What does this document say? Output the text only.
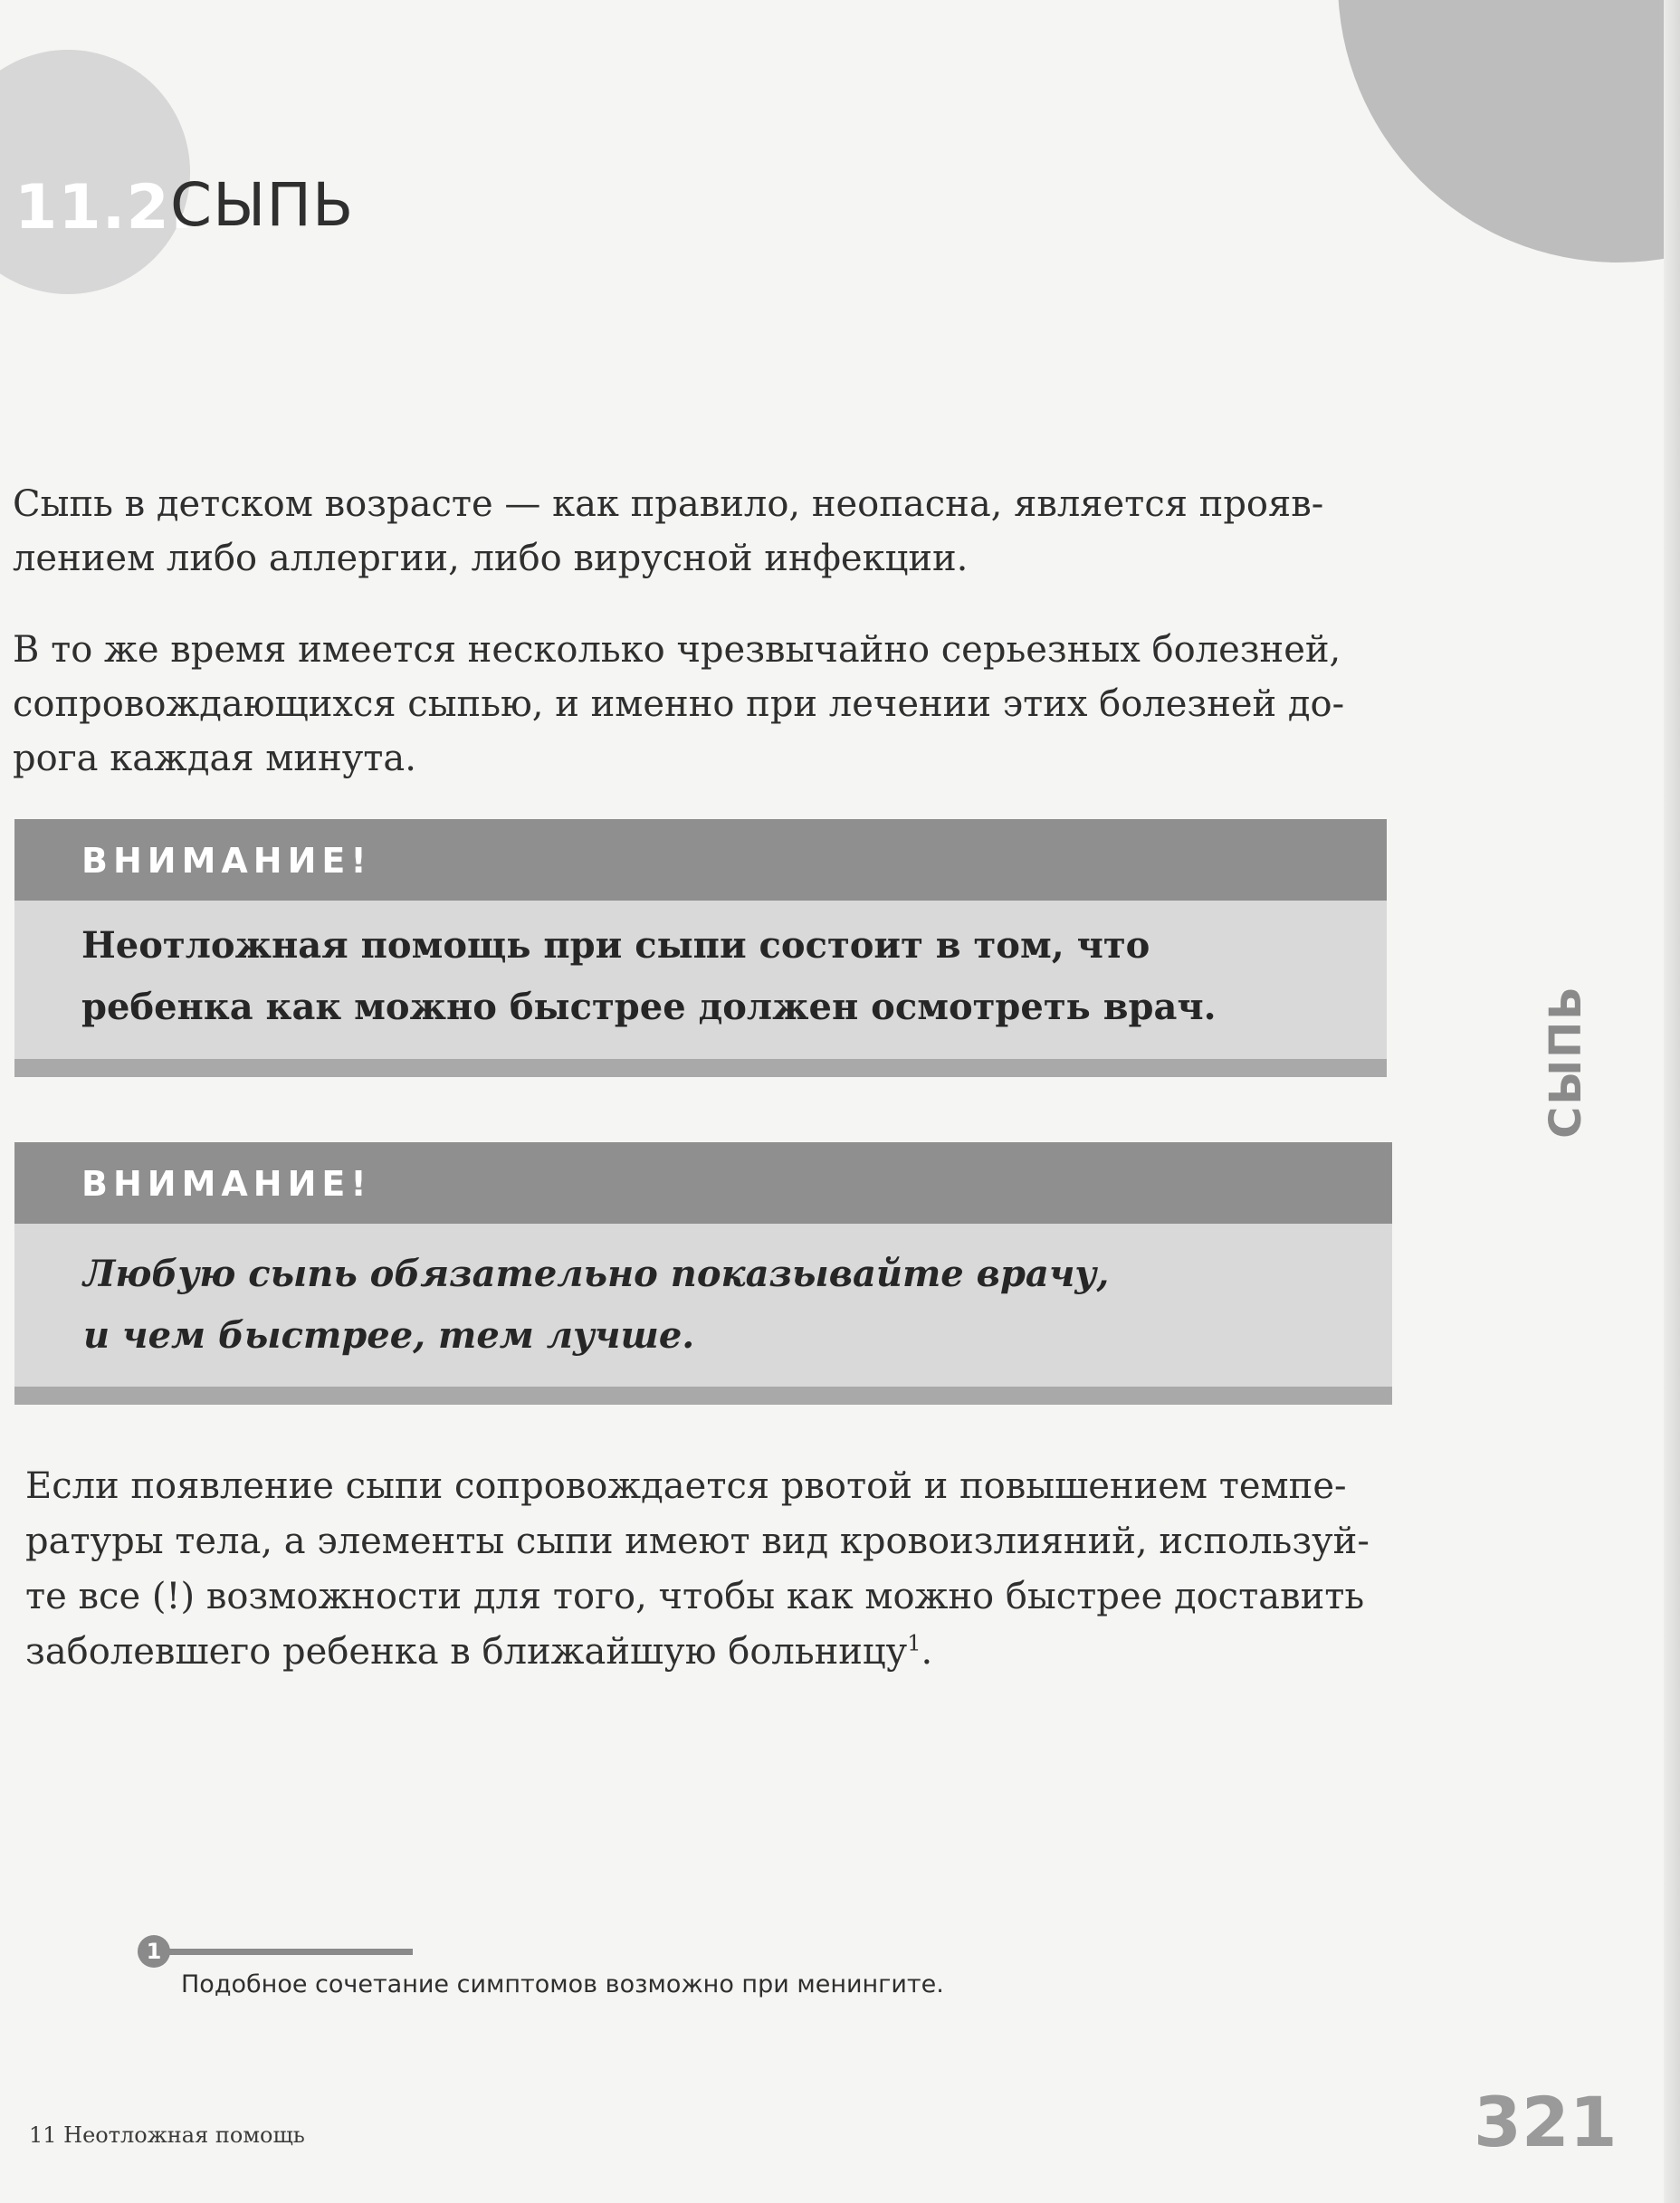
11.2.
СЫПЬ

Сыпь в детском возрасте — как правило, неопасна, является прояв-
лением либо аллергии, либо вирусной инфекции.

В то же время имеется несколько чрезвычайно серьезных болезней,
сопровождающихся сыпью, и именно при лечении этих болезней до-
рога каждая минута.

ВНИМАНИЕ!

Неотложная помощь при сыпи состоит в том, что
ребенка как можно быстрее должен осмотреть врач.

ВНИМАНИЕ!

Любую сыпь обязательно показывайте врачу,
и чем быстрее, тем лучше.

СЫПЬ

Если появление сыпи сопровождается рвотой и повышением темпе-
ратуры тела, а элементы сыпи имеют вид кровоизлияний, используй-
те все (!) возможности для того, чтобы как можно быстрее доставить
заболевшего ребенка в ближайшую больницу$^1$.

1
Подобное сочетание симптомов возможно при менингите.
11 Неотложная помощь	321
